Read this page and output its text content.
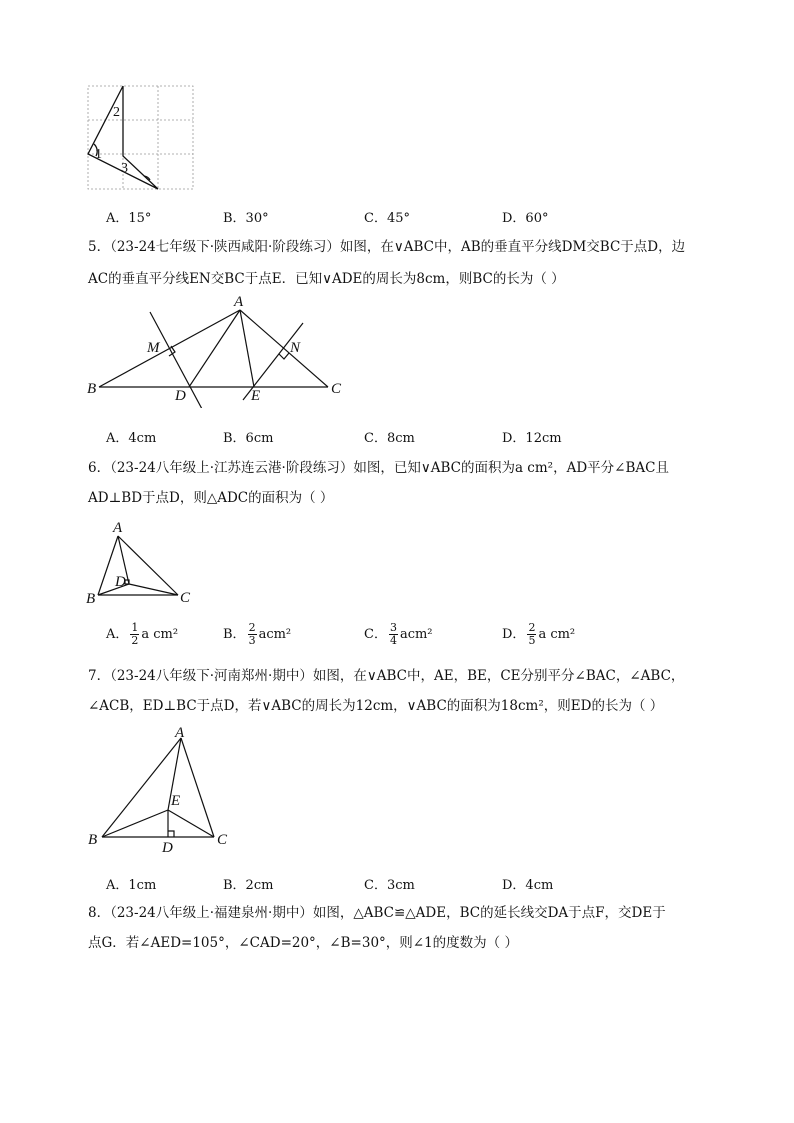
2
1
3
A．15°	B．30°	C．45°	D．60°
5．（23-24七年级下·陕西咸阳·阶段练习）如图，在∨ABC中，AB的垂直平分线DM交BC于点D，边
AC的垂直平分线EN交BC于点E．已知∨ADE的周长为8cm，则BC的长为（ ）
A
M	N
B	D	E	C
A．4cm	B．6cm	C．8cm	D．12cm
6．（23-24八年级上·江苏连云港·阶段练习）如图，已知∨ABC的面积为a cm²，AD平分∠BAC且
AD⊥BD于点D，则△ADC的面积为（ ）
A
D
B	C
A． $\frac{1}{2}$ a cm²	B． $\frac{2}{3} acm^2$	C． $\frac{3}{4} acm^2$	D． $\frac{2}{5}$ a cm²
7．（23-24八年级下·河南郑州·期中）如图，在∨ABC中，AE，BE，CE分别平分∠BAC，∠ABC，
∠ACB，ED⊥BC于点D，若∨ABC的周长为12cm，∨ABC的面积为18cm²，则ED的长为（ ）
A
E
B	C
D
A．1cm	B．2cm	C．3cm	D．4cm
8．（23-24八年级上·福建泉州·期中）如图，△ABC≌△ADE，BC的延长线交DA于点F，交DE于
点G．若∠AED=105°，∠CAD=20°，∠B=30°，则∠1的度数为（ ）
